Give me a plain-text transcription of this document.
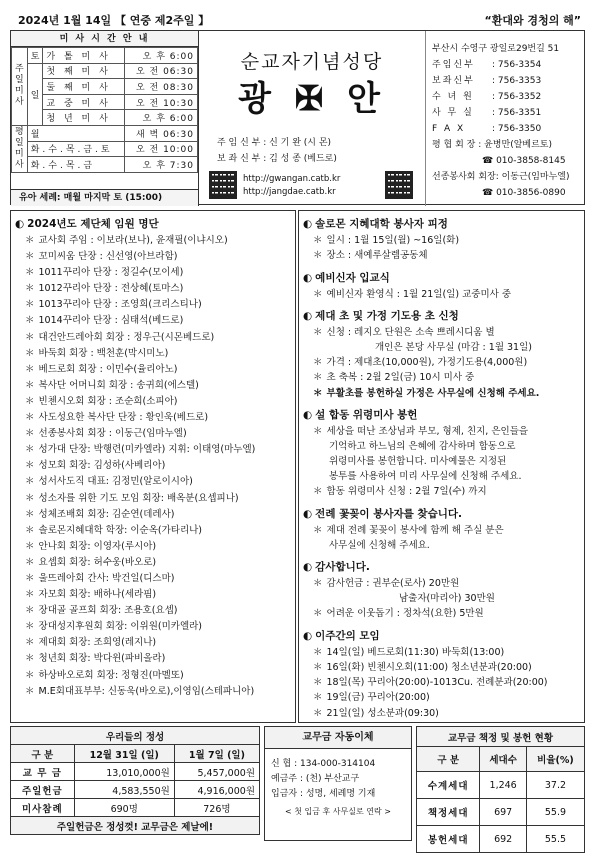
2024년 1월 14일 【 연중 제2주일 】	“환대와 경청의 해”
미 사 시 간 안 내
주일미사	토	가 톨 미 사	오 후 6:00
	일	첫 째 미 사	오 전 06:30
		둘 째 미 사	오 전 08:30
		교 중 미 사	오 전 10:30
		청 년 미 사	오 후 6:00
평일미사	월		새 벽 06:30
	화.수.목.금.토		오 전 10:00
	화.수.목.금		오 후 7:30
유아 세례: 매월 마지막 토 (15:00)
순교자기념성당
광 ✠ 안
주 임 신 부 : 신 기 완 (시 몬)
보 좌 신 부 : 김 성 종 (베드로)
http://gwangan.catb.kr
http://jangdae.catb.kr
부산시 수영구 광일로29번길 51
주임신부 : 756-3354
보좌신부 : 756-3353
수 녀 원 : 756-3352
사 무 실 : 756-3351
F A X	: 756-3350
평 협 회 장 : 윤병만(알베르토)
☎ 010-3858-8145
선종봉사회 회장: 이동근(임마누엘)
☎ 010-3856-0890
◐ 2024년도 제단체 임원 명단
＊ 교사회 주임 : 이보라(보나), 윤재필(이냐시오)
＊ 꼬미씨움 단장 : 신선영(아브라함)
＊ 1011꾸리아 단장 : 정길수(모이세)
＊ 1012꾸리아 단장 : 전상혜(토마스)
＊ 1013꾸리아 단장 : 조영희(크리스티나)
＊ 1014꾸리아 단장 : 심태석(베드로)
＊ 대건안드레아회 회장 : 정우근(시몬베드로)
＊ 바둑회 회장 : 백천훈(막시미노)
＊ 베드로회 회장 : 이민수(율리아노)
＊ 복사단 어머니회 회장 : 송귀희(에스텔)
＊ 빈첸시오회 회장 : 조순희(소피아)
＊ 사도성요한 복사단 단장 : 황인욱(베드로)
＊ 선종봉사회 회장 : 이동근(임마누엘)
＊ 성가대 단장: 박행련(미카엘라) 지휘: 이태영(마누엘)
＊ 성모회 회장: 김성하(사베리아)
＊ 성서사도직 대표: 김정민(알로이시아)
＊ 성소자를 위한 기도 모임 회장: 배옥분(요셉피나)
＊ 성체조배회 회장: 김순연(데레사)
＊ 솔로몬지혜대학 학장: 이순옥(가타리나)
＊ 안나회 회장: 이영자(루시아)
＊ 요셉회 회장: 허수웅(바오로)
＊ 울뜨레아회 간사: 박건일(디스마)
＊ 자모회 회장: 배하나(세라핌)
＊ 장대골 골프회 회장: 조용호(요셉)
＊ 장대성지후원회 회장: 이위원(미카엘라)
＊ 제대회 회장: 조희영(레지나)
＊ 청년회 회장: 박다윈(파비올라)
＊ 하상바오로회 회장: 정형진(마멜또)
＊ M.E회대표부부: 신동욱(바오로),이영임(스테파니아)
◐ 솔로몬 지혜대학 봉사자 피정
＊ 일시 : 1월 15일(월) ~16일(화)
＊ 장소 : 새예루살렘공동체
◐ 예비신자 입교식
＊ 예비신자 환영식 : 1월 21일(일) 교중미사 중
◐ 제대 초 및 가정 기도용 초 신청
＊ 신청 : 레지오 단원은 소속 쁘레시디움 별
개인은 본당 사무실 (마감 : 1월 31일)
＊ 가격 : 제대초(10,000원), 가정기도용(4,000원)
＊ 초 축복 : 2월 2일(금) 10시 미사 중
＊ 부활초를 봉헌하실 가정은 사무실에 신청해 주세요.
◐ 설 합동 위령미사 봉헌
＊ 세상을 떠난 조상님과 부모, 형제, 친지, 은인들을
기억하고 하느님의 은혜에 감사하며 합동으로
위령미사를 봉헌합니다. 미사예물은 지정된
봉투를 사용하여 미리 사무실에 신청해 주세요.
＊ 합동 위령미사 신청 : 2월 7일(수) 까지
◐ 전례 꽃꽂이 봉사자를 찾습니다.
＊ 제대 전례 꽃꽂이 봉사에 함께 해 주실 분은
사무실에 신청해 주세요.
◐ 감사합니다.
＊ 감사헌금 : 권부순(로사) 20만원
남출자(마리아) 30만원
＊ 어려운 이웃돕기 : 정차석(요한) 5만원
◐ 이주간의 모임
＊ 14일(일) 베드로회(11:30) 바둑회(13:00)
＊ 16일(화) 빈첸시오회(11:00) 청소년분과(20:00)
＊ 18일(목) 꾸리아(20:00)-1013Cu. 전례분과(20:00)
＊ 19일(금) 꾸리아(20:00)
＊ 21일(일) 성소분과(09:30)
우리들의 정성		
구 분	12월 31일 (일)	1월 7일 (일)
교 무 금	13,010,000원	5,457,000원
주일헌금	4,583,550원	4,916,000원
미사참례	690명	726명
주일헌금은 정성껏! 교무금은 제날에!		
교무금 자동이체
신 협 : 134-000-314104
예금주 : (천) 부산교구
입금자 : 성명, 세례명 기재
< 첫 입금 후 사무실로 연락 >
교무금 책정 및 봉헌 현황		
구 분	세대수	비율(%)
수계세대	1,246	37.2
책정세대	697	55.9
봉헌세대	692	55.5
